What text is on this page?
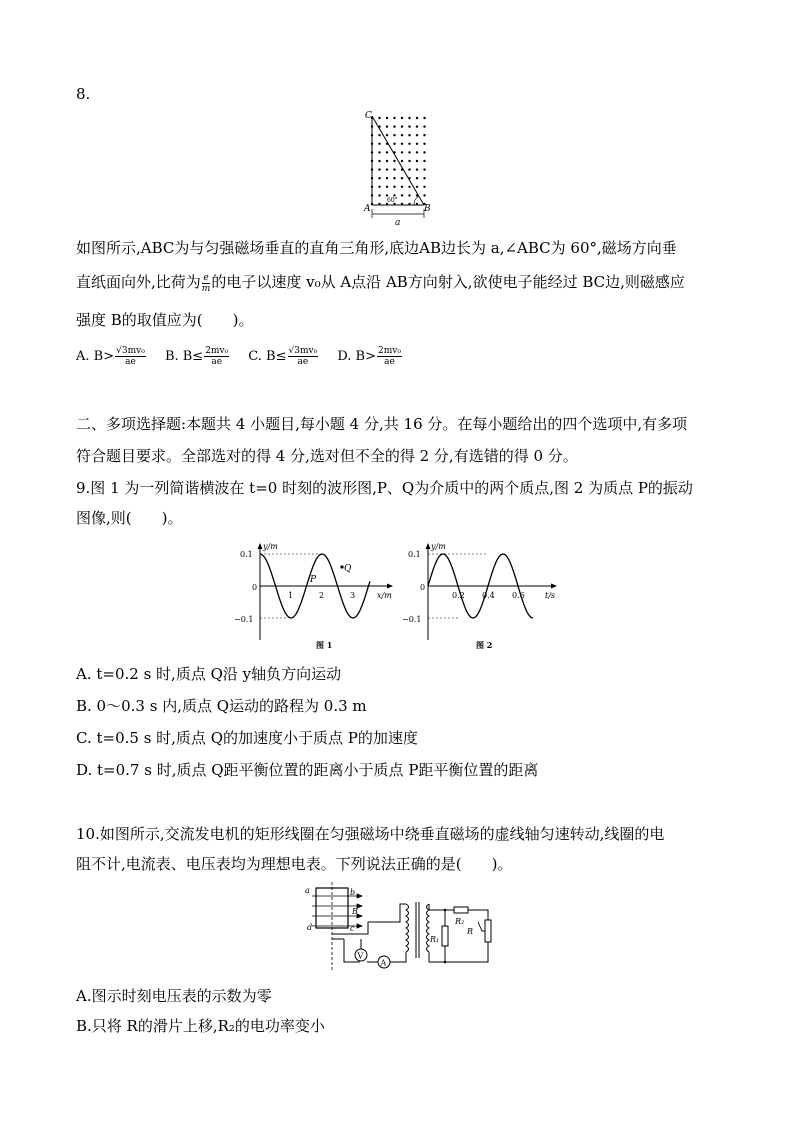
8.
C
A	B
a
60°
如图所示,ABC为与匀强磁场垂直的直角三角形,底边AB边长为 a,∠ABC为 60°,磁场方向垂
直纸面向外,比荷为 $\frac{e}{m}$ 的电子以速度 v₀从 A点沿 AB方向射入,欲使电子能经过 BC边,则磁感应
强度 B的取值应为(　　)。
A. $B> \frac{\text{√3mv₀}}{ae} B$. $B\le \frac{\text{2mv₀}}{ae} C$. $B\le \frac{\text{√3mv₀}}{ae} D$. $B> \frac{\text{2mv₀}}{ae}$
二、多项选择题:本题共 4 小题目,每小题 4 分,共 16 分。在每小题给出的四个选项中,有多项
符合题目要求。全部选对的得 4 分,选对但不全的得 2 分,有选错的得 0 分。
9.图 1 为一列简谐横波在 t=0 时刻的波形图,P、Q为介质中的两个质点,图 2 为质点 P的振动
图像,则(　　)。
y/m
x/m
0.1
0
−0.1
1	2	3
P
Q
图 1
y/m
t/s
0.1
0
−0.1
0.2 0.4 0.6
图 2
A. t=0.2 s 时,质点 Q沿 y轴负方向运动
B. 0～0.3 s 内,质点 Q运动的路程为 0.3 m
C. t=0.5 s 时,质点 Q的加速度小于质点 P的加速度
D. t=0.7 s 时,质点 Q距平衡位置的距离小于质点 P距平衡位置的距离
10.如图所示,交流发电机的矩形线圈在匀强磁场中绕垂直磁场的虚线轴匀速转动,线圈的电
阻不计,电流表、电压表均为理想电表。下列说法正确的是(　　)。
V
A
a	b
B
c
d
R₁
R₂
R
A.图示时刻电压表的示数为零
B.只将 R的滑片上移,R₂的电功率变小
